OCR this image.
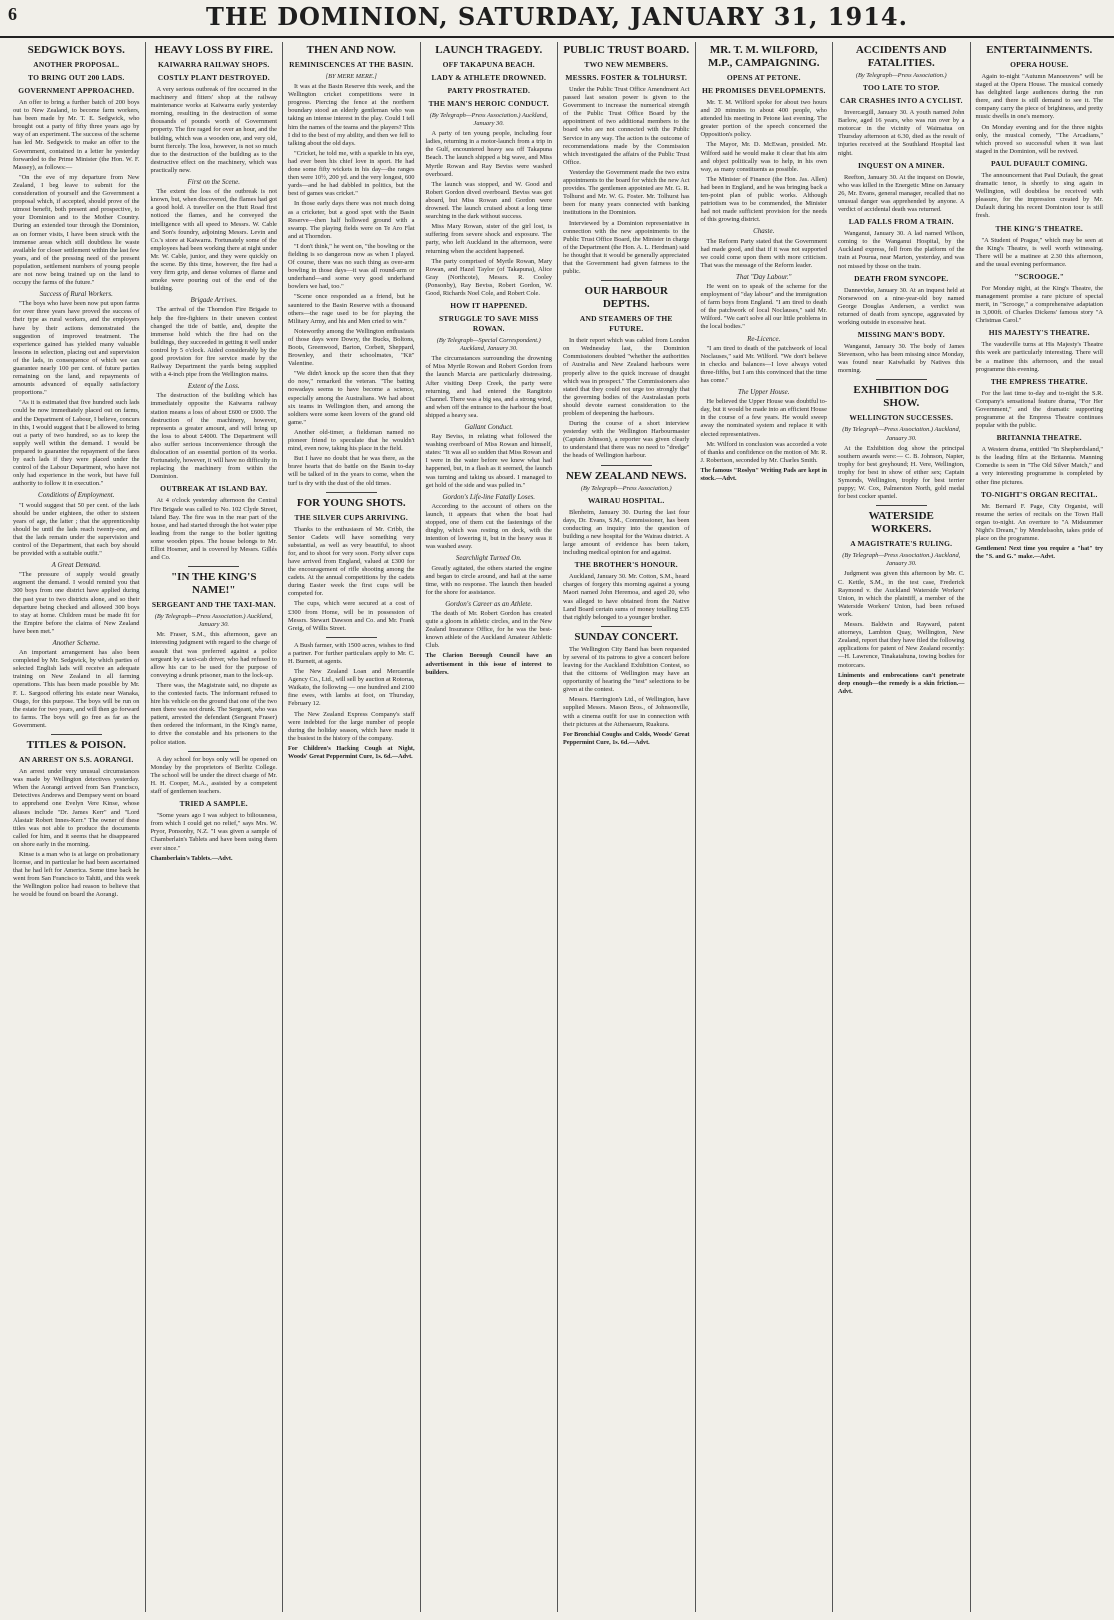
6	THE DOMINION, SATURDAY, JANUARY 31, 1914.
SEDGWICK BOYS.
ANOTHER PROPOSAL.
TO BRING OUT 200 LADS.
GOVERNMENT APPROACHED.

An offer to bring a further batch of 200 boys out to New Zealand, to become farm workers, has been made by Mr. T. E. Sedgwick, who brought out a party of fifty three years ago by way of an experiment. The success of the scheme has led Mr. Sedgwick to make an offer to the Government, contained in a letter he yesterday forwarded to the Prime Minister (the Hon. W. F. Massey), as follows:—

"On the eve of my departure from New Zealand, I beg leave to submit for the consideration of yourself and the Government a proposal which, if accepted, should prove of the utmost benefit, both present and prospective, to your Dominion and to the Mother Country. During an extended tour through the Dominion, as on former visits, I have been struck with the immense areas which still doubtless lie waste available for closer settlement within the last few years, and of the pressing need of the present population, settlement numbers of young people are not now being trained up on the land to occupy the farms of the future."

Success of Rural Workers.

"The boys who have been now put upon farms for over three years have proved the success of their type as rural workers, and the employers have by their actions demonstrated the suggestion of improved treatment. The experience gained has yielded many valuable lessons in selection, placing out and supervision of the lads, in consequence of which we can guarantee nearly 100 per cent. of future parties remaining on the land, and repayments of amounts advanced of equally satisfactory proportions."

"As it is estimated that five hundred such lads could be now immediately placed out on farms, and the Department of Labour, I believe, concurs in this, I would suggest that I be allowed to bring out a party of two hundred, so as to keep the supply well within the demand. I would be prepared to guarantee the repayment of the fares by each lads if they were placed under the control of the Labour Department, who have not only had experience in the work, but have full authority to follow it in execution."

Conditions of Employment.

"I would suggest that 50 per cent. of the lads should be under eighteen, the other to sixteen years of age, the latter ; that the apprenticeship should be until the lads reach twenty-one, and that the lads remain under the supervision and control of the Department, that each boy should be provided with a suitable outfit."

A Great Demand.

"The pressure of supply would greatly augment the demand. I would remind you that 300 boys from one district have applied during the past year to two districts alone, and so their departure being checked and allowed 300 boys to stay at home. Children must be made fit for the Empire before the claims of New Zealand have been met."

Another Scheme.

An important arrangement has also been completed by Mr. Sedgwick, by which parties of selected English lads will receive an adequate training on New Zealand in all farming operations. This has been made possible by Mr. F. L. Sargood offering his estate near Wanaka, Otago, for this purpose. The boys will be run on the estate for two years, and will then go forward to farms. The boys will go free as far as the Government.

TITLES & POISON.
AN ARREST ON S.S. AORANGI.

An arrest under very unusual circumstances was made by Wellington detectives yesterday. When the Aorangi arrived from San Francisco, Detectives Andrews and Dempsey went on board to apprehend one Evelyn Vere Kinse, whose aliases include "Dr. James Kerr" and "Lord Alastair Robert Innes-Kerr." The owner of these titles was not able to produce the documents called for him, and it seems that he disappeared on shore early in the morning.

Kinse is a man who is at large on probationary license, and in particular he had been ascertained that he had left for America. Some time back he went from San Francisco to Tahiti, and this week the Wellington police had reason to believe that he would be found on board the Aorangi.

HEAVY LOSS BY FIRE.
KAIWARRA RAILWAY SHOPS.
COSTLY PLANT DESTROYED.

A very serious outbreak of fire occurred in the machinery and fitters' shop at the railway maintenance works at Kaiwarra early yesterday morning, resulting in the destruction of some thousands of pounds worth of Government property. The fire raged for over an hour, and the building, which was a wooden one, and very old, burnt fiercely. The loss, however, is not so much due to the destruction of the building as to the destructive effect on the machinery, which was practically new.

First on the Scene.

The extent the loss of the outbreak is not known, but, when discovered, the flames had got a good hold. A traveller on the Hutt Road first noticed the flames, and he conveyed the intelligence with all speed to Messrs. W. Cable and Son's foundry, adjoining Messrs. Levin and Co.'s store at Kaiwarra. Fortunately some of the employees had been working there at night under Mr. W. Cable, junior, and they were quickly on the scene. By this time, however, the fire had a very firm grip, and dense volumes of flame and smoke were pouring out of the end of the building.

Brigade Arrives.

The arrival of the Thorndon Fire Brigade to help the fire-fighters in their uneven contest changed the tide of battle, and, despite the immense hold which the fire had on the buildings, they succeeded in getting it well under control by 5 o'clock. Aided considerably by the good provision for fire service made by the Railway Department the yards being supplied with a 4-inch pipe from the Wellington mains.

Extent of the Loss.

The destruction of the building which has immediately opposite the Kaiwarra railway station means a loss of about £600 or £600. The destruction of the machinery, however, represents a greater amount, and will bring up the loss to about £4000. The Department will also suffer serious inconvenience through the dislocation of an essential portion of its works. Fortunately, however, it will have no difficulty in replacing the machinery from within the Dominion.

OUTBREAK AT ISLAND BAY.

At 4 o'clock yesterday afternoon the Central Fire Brigade was called to No. 102 Clyde Street, Island Bay. The fire was in the rear part of the house, and had started through the hot water pipe leading from the range to the boiler igniting some wooden pipes. The house belongs to Mr. Elliot Hosmer, and is covered by Messrs. Gillés and Co.

"IN THE KING'S NAME!"
SERGEANT AND THE TAXI-MAN.
(By Telegraph—Press Association.) Auckland, January 30.

Mr. Fraser, S.M., this afternoon, gave an interesting judgment with regard to the charge of assault that was preferred against a police sergeant by a taxi-cab driver, who had refused to allow his car to be used for the purpose of conveying a drunk prisoner, man to the lock-up.

There was, the Magistrate said, no dispute as to the contested facts. The informant refused to hire his vehicle on the ground that one of the two men there was not drunk. The Sergeant, who was patient, arrested the defendant (Sergeant Fraser) then ordered the informant, in the King's name, to drive the constable and his prisoners to the police station.

A day school for boys only will be opened on Monday by the proprietors of Berlitz College. The school will be under the direct charge of Mr. H. H. Cooper, M.A., assisted by a competent staff of gentlemen teachers.

TRIED A SAMPLE.

"Some years ago I was subject to biliousness, from which I could get no relief," says Mrs. W. Pryor, Ponsonby, N.Z. "I was given a sample of Chamberlain's Tablets and have been using them ever since."

Chamberlain's Tablets.—Advt.
THEN AND NOW.
REMINISCENCES AT THE BASIN.
[BY MERE MERE.]

It was at the Basin Reserve this week, and the Wellington cricket competitions were in progress. Piercing the fence at the northern boundary stood an elderly gentleman who was taking an intense interest in the play. Could I tell him the names of the teams and the players? This I did to the best of my ability, and then we fell to talking about the old days.

"Cricket, he told me, with a sparkle in his eye, had ever been his chief love in sport. He had done some fifty wickets in his day—the ranges then were 10½, 200 yd. and the very longest, 600 yards—and he had dabbled in politics, but the best of games was cricket."

In those early days there was not much doing as a cricketer, but a good spot with the Basin Reserve—then half hollowed ground with a swamp. The playing fields were on Te Aro Flat and at Thorndon.

"I don't think," he went on, "the bowling or the fielding is so dangerous now as when I played. Of course, there was no such thing as over-arm bowling in those days—it was all round-arm or underhand—and some very good underhand bowlers we had, too."

"Scene once responded as a friend, but he sauntered to the Basin Reserve with a thousand others—the rage used to be for playing the Military Army, and his and Men cried to win."

Noteworthy among the Wellington enthusiasts of those days were Dowry, the Bucks, Boltons, Boots, Greenwood, Barton, Corbett, Sheppard, Brownley, and their schoolmates, "Kit" Valentine.

"We didn't knock up the score then that they do now," remarked the veteran. "The batting nowadays seems to have become a science, especially among the Australians. We had about six teams in Wellington then, and among the soldiers were some keen lovers of the grand old game."

Another old-timer, a fieldsman named no pioneer friend to speculate that he wouldn't mind, even now, taking his place in the field.

But I have no doubt that he was there, as the brave hearts that do battle on the Basin to-day will be talked of in the years to come, when the turf is dry with the dust of the old times.

FOR YOUNG SHOTS.
THE SILVER CUPS ARRIVING.

Thanks to the enthusiasm of Mr. Cribb, the Senior Cadets will have something very substantial, as well as very beautiful, to shoot for, and to shoot for very soon. Forty silver cups have arrived from England, valued at £300 for the encouragement of rifle shooting among the cadets. At the annual competitions by the cadets during Easter week the first cups will be competed for.

The cups, which were secured at a cost of £300 from Home, will be in possession of Messrs. Stewart Dawson and Co. and Mr. Frank Greig, of Willis Street.

A Bush farmer, with 1500 acres, wishes to find a partner. For further particulars apply to Mr. C. H. Burnett, at agents.

The New Zealand Loan and Mercantile Agency Co., Ltd., will sell by auction at Rotorua, Waikato, the following — one hundred and 2100 fine ewes, with lambs at foot, on Thursday, February 12.

The New Zealand Express Company's staff were indebted for the large number of people during the holiday season, which have made it the busiest in the history of the company.

For Children's Hacking Cough at Night, Woods' Great Peppermint Cure, 1s. 6d.—Advt.
LAUNCH TRAGEDY.
OFF TAKAPUNA BEACH.
LADY & ATHLETE DROWNED.
PARTY PROSTRATED.
THE MAN'S HEROIC CONDUCT.
(By Telegraph—Press Association.) Auckland, January 30.

A party of ten young people, including four ladies, returning in a motor-launch from a trip in the Gulf, encountered heavy sea off Takapuna Beach. The launch shipped a big wave, and Miss Myrtle Rowan and Ray Beviss were washed overboard.

The launch was stopped, and W. Good and Robert Gordon dived overboard. Beviss was got aboard, but Miss Rowan and Gordon were drowned. The launch cruised about a long time searching in the dark without success.

Miss Mary Rowan, sister of the girl lost, is suffering from severe shock and exposure. The party, who left Auckland in the afternoon, were returning when the accident happened.

The party comprised of Myrtle Rowan, Mary Rowan, and Hazel Taylor (of Takapuna), Alice Gray (Northcote), Messrs. R. Cooley (Ponsonby), Ray Beviss, Robert Gordon, W. Good, Richards Noel Cole, and Robert Cole.

HOW IT HAPPENED.
STRUGGLE TO SAVE MISS ROWAN.
(By Telegraph—Special Correspondent.) Auckland, January 30.

The circumstances surrounding the drowning of Miss Myrtle Rowan and Robert Gordon from the launch Marcia are particularly distressing. After visiting Deep Creek, the party were returning, and had entered the Rangitoto Channel. There was a big sea, and a strong wind, and when off the entrance to the harbour the boat shipped a heavy sea.

Gallant Conduct.

Ray Beviss, in relating what followed the washing overboard of Miss Rowan and himself, states: "It was all so sudden that Miss Rowan and I were in the water before we knew what had happened, but, in a flash as it seemed, the launch was turning and taking us aboard. I managed to get hold of the side and was pulled in."

Gordon's Life-line Fatally Loses.

According to the account of others on the launch, it appears that when the boat had stopped, one of them cut the fastenings of the dinghy, which was resting on deck, with the intention of lowering it, but in the heavy seas it was washed away.

Searchlight Turned On.

Greatly agitated, the others started the engine and began to circle around, and hail at the same time, with no response. The launch then headed for the shore for assistance.

Gordon's Career as an Athlete.

The death of Mr. Robert Gordon has created quite a gloom in athletic circles, and in the New Zealand Insurance Office, for he was the best-known athlete of the Auckland Amateur Athletic Club.

The Clarion Borough Council have an advertisement in this issue of interest to builders.
PUBLIC TRUST BOARD.
TWO NEW MEMBERS.
MESSRS. FOSTER & TOLHURST.

Under the Public Trust Office Amendment Act passed last session power is given to the Government to increase the numerical strength of the Public Trust Office Board by the appointment of two additional members to the board who are not connected with the Public Service in any way. The action is the outcome of recommendations made by the Commission which investigated the affairs of the Public Trust Office.

Yesterday the Government made the two extra appointments to the board for which the new Act provides. The gentlemen appointed are Mr. G. R. Tolhurst and Mr. W. G. Foster. Mr. Tolhurst has been for many years connected with banking institutions in the Dominion.

Interviewed by a Dominion representative in connection with the new appointments to the Public Trust Office Board, the Minister in charge of the Department (the Hon. A. L. Herdman) said he thought that it would be generally appreciated that the Government had given fairness to the public.

OUR HARBOUR DEPTHS.
AND STEAMERS OF THE FUTURE.

In their report which was cabled from London on Wednesday last, the Dominion Commissioners doubted "whether the authorities of Australia and New Zealand harbours were properly alive to the quick increase of draught which was in prospect." The Commissioners also stated that they could not urge too strongly that the governing bodies of the Australasian ports should devote earnest consideration to the problem of deepening the harbours.

During the course of a short interview yesterday with the Wellington Harbourmaster (Captain Johnson), a reporter was given clearly to understand that there was no need to "dredge" the heads of Wellington harbour.

NEW ZEALAND NEWS.
(By Telegraph—Press Association.)
WAIRAU HOSPITAL.

Blenheim, January 30. During the last four days, Dr. Evans, S.M., Commissioner, has been conducting an inquiry into the question of building a new hospital for the Wairau district. A large amount of evidence has been taken, including medical opinion for and against.

THE BROTHER'S HONOUR.

Auckland, January 30. Mr. Cotton, S.M., heard charges of forgery this morning against a young Maori named John Heremoa, and aged 20, who was alleged to have obtained from the Native Land Board certain sums of money totalling £35 that rightly belonged to a younger brother.

SUNDAY CONCERT.

The Wellington City Band has been requested by several of its patrons to give a concert before leaving for the Auckland Exhibition Contest, so that the citizens of Wellington may have an opportunity of hearing the "test" selections to be given at the contest.

Messrs. Harrington's Ltd., of Wellington, have supplied Messrs. Mason Bros., of Johnsonville, with a cinema outfit for use in connection with their pictures at the Athenaeum, Ruakura.

For Bronchial Coughs and Colds, Woods' Great Peppermint Cure, 1s. 6d.—Advt.
MR. T. M. WILFORD, M.P., CAMPAIGNING.
OPENS AT PETONE.
HE PROMISES DEVELOPMENTS.

Mr. T. M. Wilford spoke for about two hours and 20 minutes to about 400 people, who attended his meeting in Petone last evening. The greater portion of the speech concerned the Opposition's policy.

The Mayor, Mr. D. McEwan, presided. Mr. Wilford said he would make it clear that his aim and object politically was to help, in his own way, as many constituents as possible.

The Minister of Finance (the Hon. Jas. Allen) had been in England, and he was bringing back a ten-point plan of public works. Although patriotism was to be commended, the Minister had not made sufficient provision for the needs of this growing district.

Chaste.

The Reform Party stated that the Government had made good, and that if it was not supported we could come upon them with more criticism. That was the message of the Reform leader.

That "Day Labour."

He went on to speak of the scheme for the employment of "day labour" and the immigration of farm boys from England. "I am tired to death of the patchwork of local Noclauses," said Mr. Wilford. "We can't solve all our little problems in the local bodies."

Re-Licence.

"I am tired to death of the patchwork of local Noclauses," said Mr. Wilford. "We don't believe in checks and balances—I love always voted three-fifths, but I am this convinced that the time has come."

The Upper House.

He believed the Upper House was doubtful to-day, but it would be made into an efficient House in the course of a few years. He would sweep away the nominated system and replace it with elected representatives.

Mr. Wilford in conclusion was accorded a vote of thanks and confidence on the motion of Mr. R. J. Robertson, seconded by Mr. Charles Smith.

The famous "Roslyn" Writing Pads are kept in stock.—Advt.
ACCIDENTS AND FATALITIES.
(By Telegraph—Press Association.)
TOO LATE TO STOP.
CAR CRASHES INTO A CYCLIST.

Invercargill, January 30. A youth named John Barlow, aged 16 years, who was run over by a motorcar in the vicinity of Waimatua on Thursday afternoon at 6.30, died as the result of injuries received at the Southland Hospital last night.

INQUEST ON A MINER.

Reefton, January 30. At the inquest on Dowie, who was killed in the Energetic Mine on January 26, Mr. Evans, general manager, recalled that no unusual danger was apprehended by anyone. A verdict of accidental death was returned.

LAD FALLS FROM A TRAIN.

Wanganui, January 30. A lad named Wilson, coming to the Wanganui Hospital, by the Auckland express, fell from the platform of the train at Pourua, near Marton, yesterday, and was not missed by those on the train.

DEATH FROM SYNCOPE.

Dannevirke, January 30. At an inquest held at Norsewood on a nine-year-old boy named George Douglas Andersen, a verdict was returned of death from syncope, aggravated by working outside in excessive heat.

MISSING MAN'S BODY.

Wanganui, January 30. The body of James Stevenson, who has been missing since Monday, was found near Kaiwhaiki by Natives this morning.

EXHIBITION DOG SHOW.
WELLINGTON SUCCESSES.
(By Telegraph—Press Association.) Auckland, January 30.

At the Exhibition dog show the principal southern awards were:— C. B. Johnson, Napier, trophy for best greyhound; H. Vere, Wellington, trophy for best in show of either sex; Captain Symonds, Wellington, trophy for best terrier puppy; W. Cox, Palmerston North, gold medal for best cocker spaniel.

WATERSIDE WORKERS.
A MAGISTRATE'S RULING.
(By Telegraph—Press Association.) Auckland, January 30.

Judgment was given this afternoon by Mr. C. C. Kettle, S.M., in the test case, Frederick Raymond v. the Auckland Waterside Workers' Union, in which the plaintiff, a member of the Waterside Workers' Union, had been refused work.

Messrs. Baldwin and Rayward, patent attorneys, Lambton Quay, Wellington, New Zealand, report that they have filed the following applications for patent of New Zealand recently:—H. Lawrence, Tinakatahuna, towing bodies for motorcars.

Liniments and embrocations can't penetrate deep enough—the remedy is a skin friction.—Advt.
ENTERTAINMENTS.
OPERA HOUSE.

Again to-night "Autumn Manoeuvres" will be staged at the Opera House. The musical comedy has delighted large audiences during the run there, and there is still demand to see it. The company carry the piece of brightness, and pretty music dwells in one's memory.

On Monday evening and for the three nights only, the musical comedy, "The Arcadians," which proved so successful when it was last staged in the Dominion, will be revived.

PAUL DUFAULT COMING.

The announcement that Paul Dufault, the great dramatic tenor, is shortly to sing again in Wellington, will doubtless be received with pleasure, for the impression created by Mr. Dufault during his recent Dominion tour is still fresh.

THE KING'S THEATRE.

"A Student of Prague," which may be seen at the King's Theatre, is well worth witnessing. There will be a matinee at 2.30 this afternoon, and the usual evening performance.

"SCROOGE."

For Monday night, at the King's Theatre, the management promise a rare picture of special merit, in "Scrooge," a comprehensive adaptation in 3,000ft. of Charles Dickens' famous story "A Christmas Carol."

HIS MAJESTY'S THEATRE.

The vaudeville turns at His Majesty's Theatre this week are particularly interesting. There will be a matinee this afternoon, and the usual programme this evening.

THE EMPRESS THEATRE.

For the last time to-day and to-night the S.R. Company's sensational feature drama, "For Her Government," and the dramatic supporting programme at the Empress Theatre continues popular with the public.

BRITANNIA THEATRE.

A Western drama, entitled "In Shepherdsland," is the leading film at the Britannia. Manning Comedie is seen in "The Old Silver Match," and a very interesting programme is completed by other fine pictures.

TO-NIGHT'S ORGAN RECITAL.

Mr. Bernard F. Page, City Organist, will resume the series of recitals on the Town Hall organ to-night. An overture to "A Midsummer Night's Dream," by Mendelssohn, takes pride of place on the programme.

Gentlemen! Next time you require a "hat" try the "S. and G." make.—Advt.
